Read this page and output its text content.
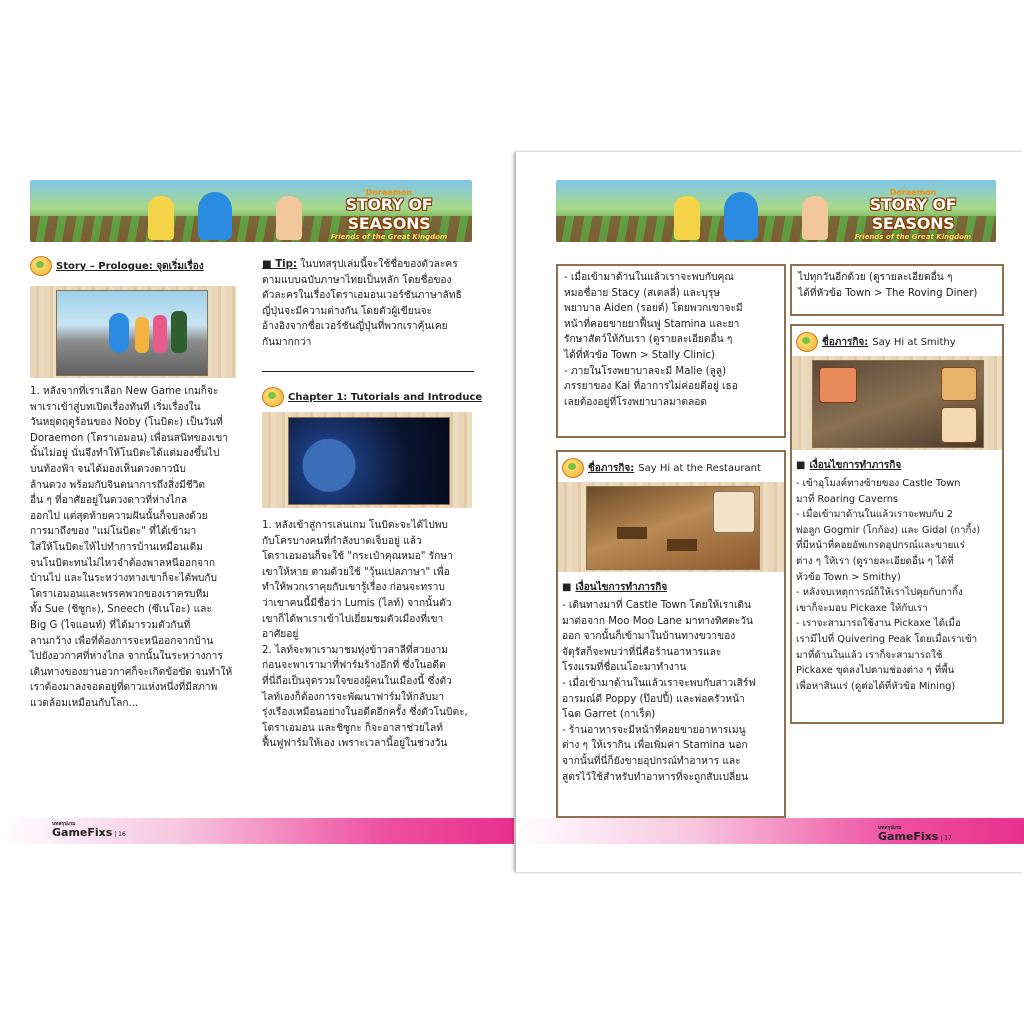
Doraemon
STORY OF SEASONS
Friends of the Great Kingdom
Story – Prologue: จุดเริ่มเรื่อง
1. หลังจากที่เราเลือก New Game เกมก็จะ
พาเราเข้าสู่บทเปิดเรื่องทันที เริ่มเรื่องใน
วันหยุดฤดูร้อนของ Noby (โนบิตะ) เป็นวันที่
Doraemon (โดราเอมอน) เพื่อนสนิทของเขา
นั้นไม่อยู่ นั่นจึงทำให้โนบิตะได้แต่มองขึ้นไป
บนท้องฟ้า จนได้มองเห็นดวงดาวนับ
ล้านดวง พร้อมกับจินตนาการถึงสิ่งมีชีวิต
อื่น ๆ ที่อาศัยอยู่ในดวงดาวที่ห่างไกล
ออกไป แต่สุดท้ายความฝันนั้นก็จบลงด้วย
การมาถึงของ "แม่โนบิตะ" ที่ได้เข้ามา
ใส่ให้โนบิตะให้ไปทำการบ้านเหมือนเดิม
จนโนบิตะทนไม่ไหวจำต้องพาลหนีออกจาก
บ้านไป และในระหว่างทางเขาก็จะได้พบกับ
โดราเอมอนและพรรคพวกของเราครบทีม
ทั้ง Sue (ชิซูกะ), Sneech (ซึเนโอะ) และ
Big G (ไจแอนท์) ที่ได้มารวมตัวกันที่
ลานกว้าง เพื่อที่ต้องการจะหนีออกจากบ้าน
ไปยังอวกาศที่ห่างไกล จากนั้นในระหว่างการ
เดินทางของยานอวกาศก็จะเกิดข้อขัด จนทำให้
เราต้องมาลงจอดอยู่ที่ดาวแห่งหนึ่งที่มีสภาพ
แวดล้อมเหมือนกับโลก...
■ Tip: ในบทสรุปเล่มนี้จะใช้ชื่อของตัวละคร
ตามแบบฉบับภาษาไทยเป็นหลัก โดยชื่อของ
ตัวละครในเรื่องโดราเอมอนเวอร์ชันภาษาลัทธิ
ญี่ปุ่นจะมีความต่างกัน โดยตัวผู้เขียนจะ
อ้างอิงจากชื่อเวอร์ชันญี่ปุ่นที่พวกเราคุ้นเคย
กันมากกว่า
Chapter 1: Tutorials and Introduce
1. หลังเข้าสู่การเล่นเกม โนบิตะจะได้ไปพบ
กับโครบางคนที่กำลังบาดเจ็บอยู่ แล้ว
โดราเอมอนก็จะใช้ "กระเป๋าคุณหมอ" รักษา
เขาให้หาย ตามด้วยใช้ "วุ้นแปลภาษา" เพื่อ
ทำให้พวกเราคุยกับเขารู้เรื่อง ก่อนจะทราบ
ว่าเขาคนนี้มีชื่อว่า Lumis (ไลท์) จากนั้นตัว
เขาก็ได้พาเราเข้าไปเยี่ยมชมตัวเมืองที่เขา
อาศัยอยู่
2. ไลท์จะพาเรามาชมทุ่งข้าวสาลีที่สวยงาม
ก่อนจะพาเรามาที่ฟาร์มร้างอีกที่ ซึ่งในอดีต
ที่นี่ถือเป็นจุดรวมใจของผู้คนในเมืองนี้ ซึ่งตัว
ไลท์เองก็ต้องการจะพัฒนาฟาร์มให้กลับมา
รุ่งเรืองเหมือนอย่างในอดีตอีกครั้ง ซึ่งตัวโนบิตะ,
โดราเอมอน และชิซูกะ ก็จะอาสาช่วยไลท์
ฟื้นฟูฟาร์มให้เอง เพราะเวลานี้อยู่ในช่วงวัน
บทสรุปเกม
GameFixs | 16
Doraemon
STORY OF SEASONS
Friends of the Great Kingdom
- เมื่อเข้ามาด้านในแล้วเราจะพบกับคุณ
หมอชื่อาย Stacy (สเตลลี่) และบุรุษ
พยาบาล Aiden (รอยด์) โดยพวกเขาจะมี
หน้าที่คอยขายยาฟื้นฟู Stamina และยา
รักษาสัตว์ให้กับเรา (ดูรายละเอียดอื่น ๆ
ได้ที่หัวข้อ Town > Stally Clinic)
- ภายในโรงพยาบาลจะมี Malie (ลูลู)
ภรรยาของ Kai ที่อาการไม่ค่อยดีอยู่ เธอ
เลยต้องอยู่ที่โรงพยาบาลมาตลอด
ไปทุกวันอีกด้วย (ดูรายละเอียดอื่น ๆ
ได้ที่หัวข้อ Town > The Roving Diner)
ชื่อภารกิจ: Say Hi at the Restaurant
■ เงื่อนไขการทำภารกิจ
- เดินทางมาที่ Castle Town โดยให้เราเดิน
มาต่อจาก Moo Moo Lane มาทางทิศตะวัน
ออก จากนั้นก็เข้ามาในบ้านทางขวาของ
จัตุรัสก็จะพบว่าที่นี่คือร้านอาหารและ
โรงแรมที่ชื่อเนโอะมาทำงาน
- เมื่อเข้ามาด้านในแล้วเราจะพบกับสาวเสิร์ฟ
อารมณ์ดี Poppy (ป๊อปปี้) และพ่อครัวหน้า
โฉด Garret (กาเร็ต)
- ร้านอาหารจะมีหน้าที่คอยขายอาหารเมนู
ต่าง ๆ ให้เรากิน เพื่อเพิ่มค่า Stamina นอก
จากนั้นที่นี่ก็ยังขายอุปกรณ์ทำอาหาร และ
สูตรไว้ใช้สำหรับทำอาหารที่จะถูกสับเปลี่ยน
ชื่อภารกิจ: Say Hi at Smithy
■ เงื่อนไขการทำภารกิจ
- เข้าอุโมงค์ทางซ้ายของ Castle Town
มาที่ Roaring Caverns
- เมื่อเข้ามาด้านในแล้วเราจะพบกับ 2
พ่อลูก Gogmir (โกก้อง) และ Gidal (กากิ้ง)
ที่มีหน้าที่คอยอัพเกรดอุปกรณ์และขายแร่
ต่าง ๆ ให้เรา (ดูรายละเอียดอื่น ๆ ได้ที่
หัวข้อ Town > Smithy)
- หลังจบเหตุการณ์ก็ให้เราไปคุยกับกากิ้ง
เขาก็จะมอบ Pickaxe ให้กับเรา
- เราจะสามารถใช้งาน Pickaxe ได้เมื่อ
เรามีไปที่ Quivering Peak โดยเมื่อเราเข้า
มาที่ด้านในแล้ว เราก็จะสามารถใช้
Pickaxe ขุดลงไปตามช่องต่าง ๆ ที่พื้น
เพื่อหาสินแร่ (ดูต่อได้ที่หัวข้อ Mining)
บทสรุปเกม
GameFixs | 17
